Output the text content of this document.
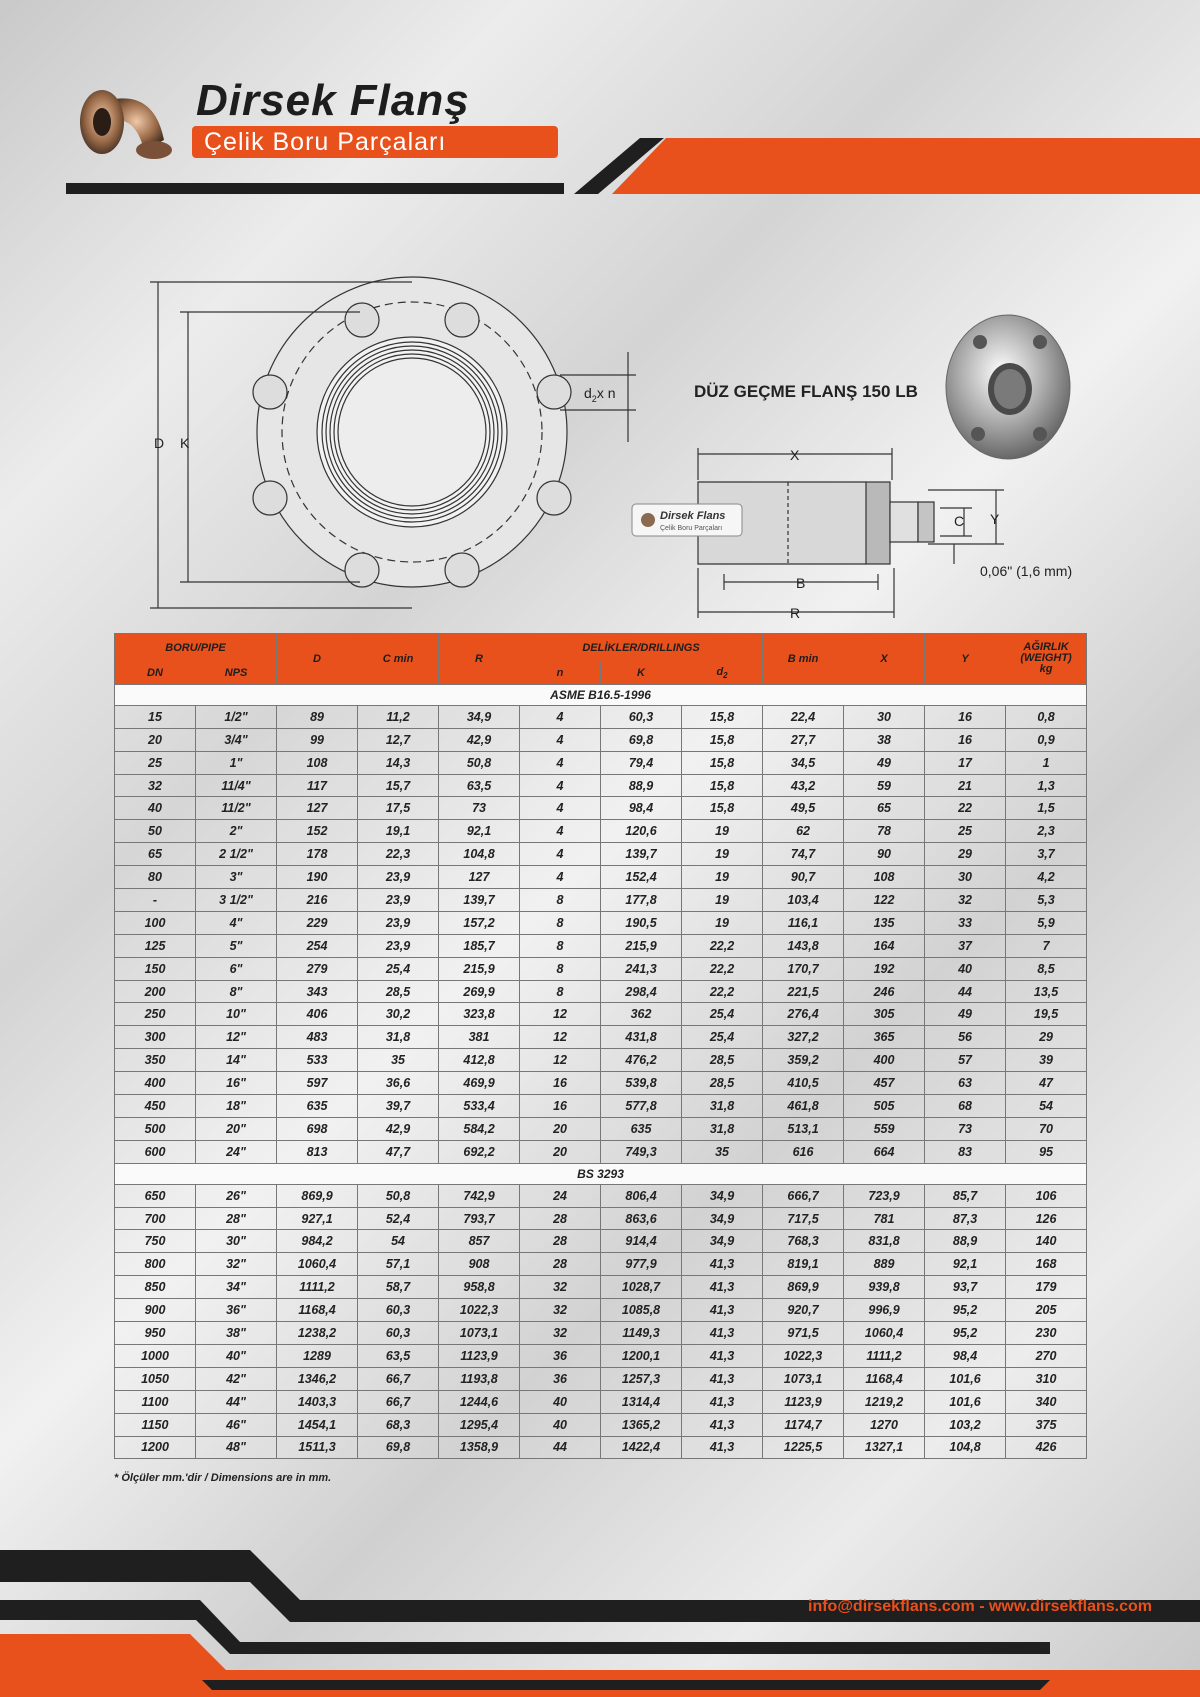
Dirsek Flanş
Çelik Boru Parçaları
D K
$d_2x$ n	DÜZ GEÇME FLANŞ 150 LB
Dirsek Flans
Çelik Boru Parçaları
X
B
R
Y
C
0,06" (1,6 mm)
BORU/PIPE		D	C min	R	DELİKLER/DRILLINGS			B min	X	Y	AĞIRLIK
(WEIGHT)
kg
DN	NPS				n	K	$d_2$
ASME B16.5-1996											
15	1/2"	89	11,2	34,9	4	60,3	15,8	22,4	30	16	0,8
20	3/4"	99	12,7	42,9	4	69,8	15,8	27,7	38	16	0,9
25	1"	108	14,3	50,8	4	79,4	15,8	34,5	49	17	1
32	11/4"	117	15,7	63,5	4	88,9	15,8	43,2	59	21	1,3
40	11/2"	127	17,5	73	4	98,4	15,8	49,5	65	22	1,5
50	2"	152	19,1	92,1	4	120,6	19	62	78	25	2,3
65	2 1/2"	178	22,3	104,8	4	139,7	19	74,7	90	29	3,7
80	3"	190	23,9	127	4	152,4	19	90,7	108	30	4,2
-	3 1/2"	216	23,9	139,7	8	177,8	19	103,4	122	32	5,3
100	4"	229	23,9	157,2	8	190,5	19	116,1	135	33	5,9
125	5"	254	23,9	185,7	8	215,9	22,2	143,8	164	37	7
150	6"	279	25,4	215,9	8	241,3	22,2	170,7	192	40	8,5
200	8"	343	28,5	269,9	8	298,4	22,2	221,5	246	44	13,5
250	10"	406	30,2	323,8	12	362	25,4	276,4	305	49	19,5
300	12"	483	31,8	381	12	431,8	25,4	327,2	365	56	29
350	14"	533	35	412,8	12	476,2	28,5	359,2	400	57	39
400	16"	597	36,6	469,9	16	539,8	28,5	410,5	457	63	47
450	18"	635	39,7	533,4	16	577,8	31,8	461,8	505	68	54
500	20"	698	42,9	584,2	20	635	31,8	513,1	559	73	70
600	24"	813	47,7	692,2	20	749,3	35	616	664	83	95
BS 3293											
650	26"	869,9	50,8	742,9	24	806,4	34,9	666,7	723,9	85,7	106
700	28"	927,1	52,4	793,7	28	863,6	34,9	717,5	781	87,3	126
750	30"	984,2	54	857	28	914,4	34,9	768,3	831,8	88,9	140
800	32"	1060,4	57,1	908	28	977,9	41,3	819,1	889	92,1	168
850	34"	1111,2	58,7	958,8	32	1028,7	41,3	869,9	939,8	93,7	179
900	36"	1168,4	60,3	1022,3	32	1085,8	41,3	920,7	996,9	95,2	205
950	38"	1238,2	60,3	1073,1	32	1149,3	41,3	971,5	1060,4	95,2	230
1000	40"	1289	63,5	1123,9	36	1200,1	41,3	1022,3	1111,2	98,4	270
1050	42"	1346,2	66,7	1193,8	36	1257,3	41,3	1073,1	1168,4	101,6	310
1100	44"	1403,3	66,7	1244,6	40	1314,4	41,3	1123,9	1219,2	101,6	340
1150	46"	1454,1	68,3	1295,4	40	1365,2	41,3	1174,7	1270	103,2	375
1200	48"	1511,3	69,8	1358,9	44	1422,4	41,3	1225,5	1327,1	104,8	426
* Ölçüler mm.'dir / Dimensions are in mm.
info@dirsekflans.com - www.dirsekflans.com
